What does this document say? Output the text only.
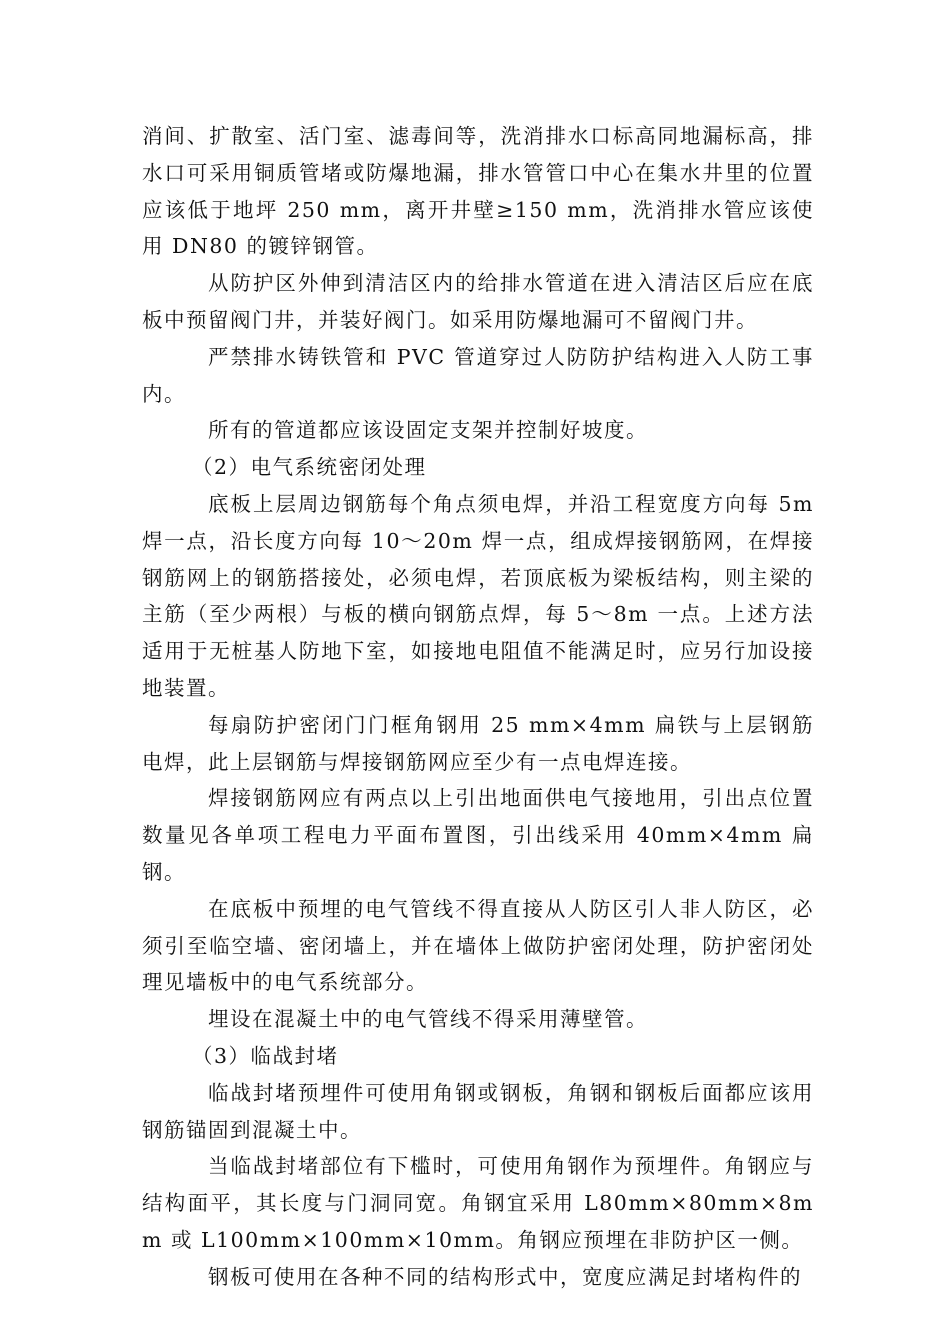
消间、扩散室、活门室、滤毒间等，洗消排水口标高同地漏标高，排水口可采用铜质管堵或防爆地漏，排水管管口中心在集水井里的位置应该低于地坪 250 mm，离开井壁≥150 mm，洗消排水管应该使用 DN80 的镀锌钢管。

从防护区外伸到清洁区内的给排水管道在进入清洁区后应在底板中预留阀门井，并装好阀门。如采用防爆地漏可不留阀门井。

严禁排水铸铁管和 PVC 管道穿过人防防护结构进入人防工事内。

所有的管道都应该设固定支架并控制好坡度。

（2）电气系统密闭处理

底板上层周边钢筋每个角点须电焊，并沿工程宽度方向每 5m 焊一点，沿长度方向每 10～20m 焊一点，组成焊接钢筋网，在焊接钢筋网上的钢筋搭接处，必须电焊，若顶底板为梁板结构，则主梁的主筋（至少两根）与板的横向钢筋点焊，每 5～8m 一点。上述方法适用于无桩基人防地下室，如接地电阻值不能满足时，应另行加设接地装置。

每扇防护密闭门门框角钢用 25 mm×4mm 扁铁与上层钢筋电焊，此上层钢筋与焊接钢筋网应至少有一点电焊连接。

焊接钢筋网应有两点以上引出地面供电气接地用，引出点位置数量见各单项工程电力平面布置图，引出线采用 40mm×4mm 扁钢。

在底板中预埋的电气管线不得直接从人防区引人非人防区，必须引至临空墙、密闭墙上，并在墙体上做防护密闭处理，防护密闭处理见墙板中的电气系统部分。

埋设在混凝土中的电气管线不得采用薄壁管。

（3）临战封堵

临战封堵预埋件可使用角钢或钢板，角钢和钢板后面都应该用钢筋锚固到混凝土中。

当临战封堵部位有下槛时，可使用角钢作为预埋件。角钢应与结构面平，其长度与门洞同宽。角钢宜采用 L80mm×80mm×8mm 或 L100mm×100mm×10mm。角钢应预埋在非防护区一侧。

钢板可使用在各种不同的结构形式中，宽度应满足封堵构件的
